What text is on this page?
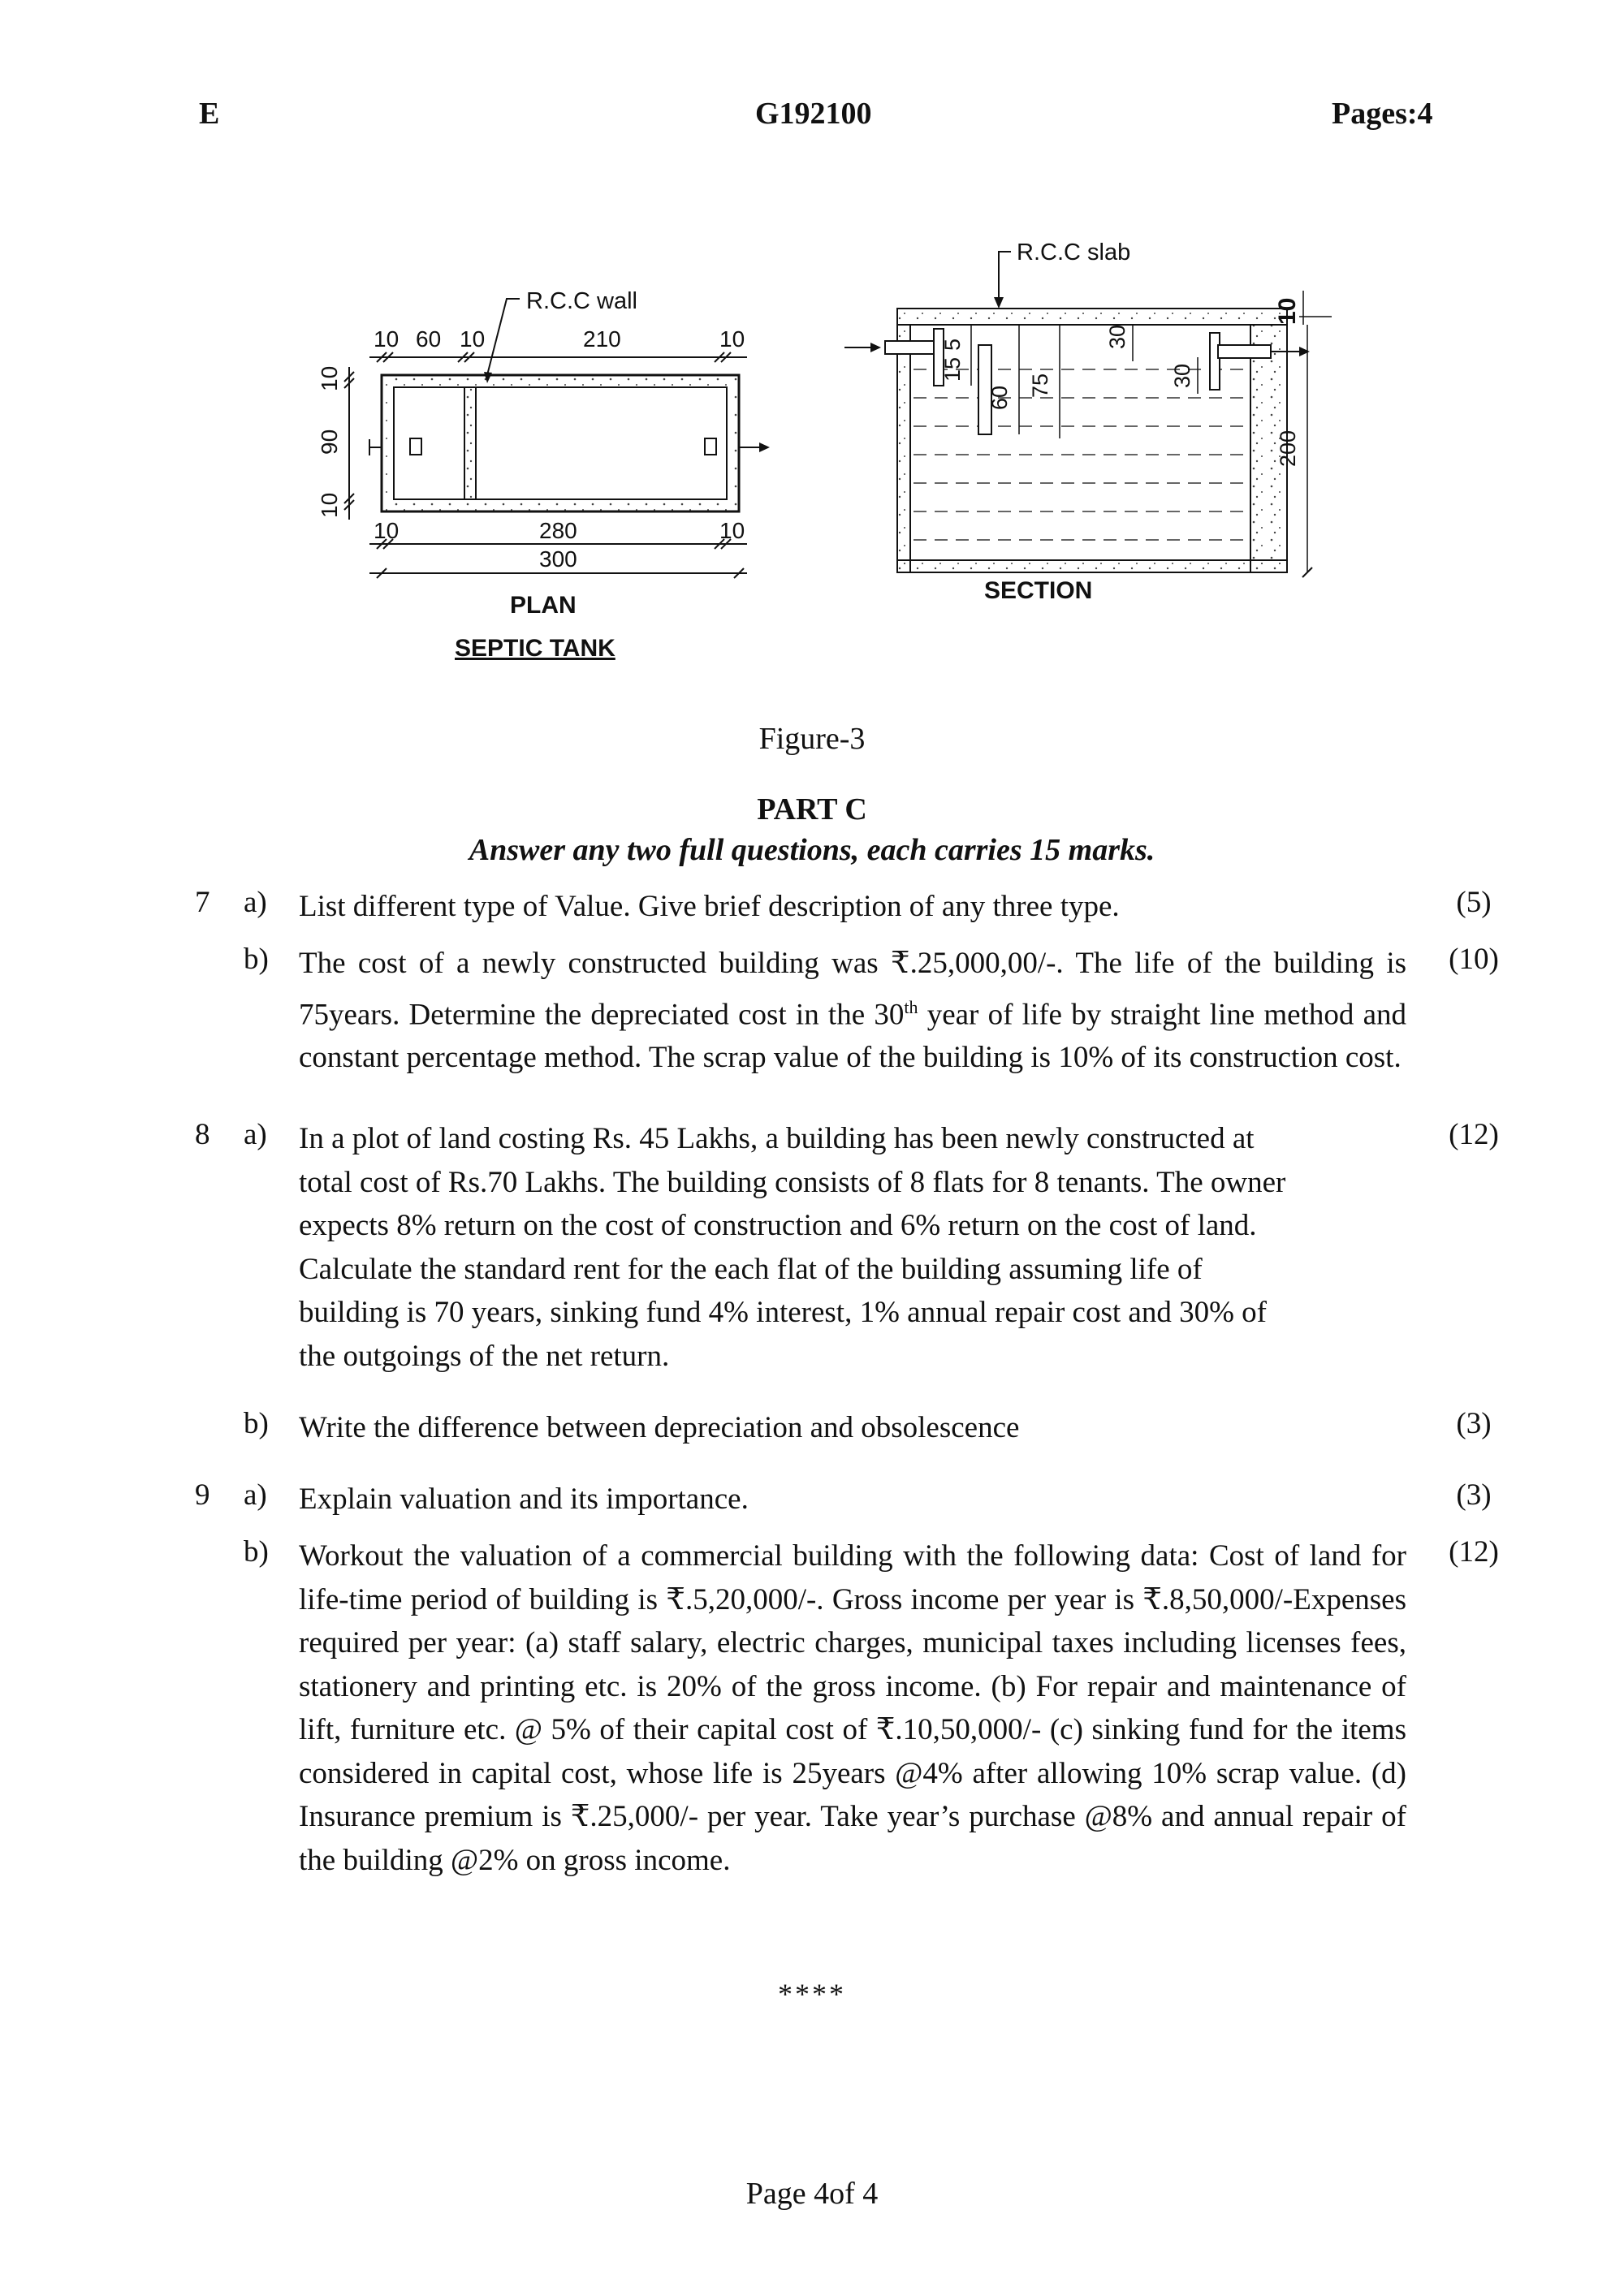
E	G192100	Pages:4
R.C.C wall
10 60 10	210	10
10
90
10
10	280	10
300
PLAN
SEPTIC TANK
R.C.C slab
15
5
60 75
30
30
10
200
SECTION
Figure-3
PART C
Answer any two full questions, each carries 15 marks.
7 a) List different type of Value. Give brief description of any three type.	(5)
b) The cost of a newly constructed building was ₹.25,000,00/-. The life of the building is 75years. Determine the depreciated cost in the 30th year of life by straight line method and constant percentage method. The scrap value of the building is 10% of its construction cost.
(10)
8 a) In a plot of land costing Rs. 45 Lakhs, a building has been newly constructed at
total cost of Rs.70 Lakhs. The building consists of 8 flats for 8 tenants. The owner
expects 8% return on the cost of construction and 6% return on the cost of land.
Calculate the standard rent for the each flat of the building assuming life of
building is 70 years, sinking fund 4% interest, 1% annual repair cost and 30% of
the outgoings of the net return.
(12)
b) Write the difference between depreciation and obsolescence	(3)
9 a) Explain valuation and its importance.	(3)
b) Workout the valuation of a commercial building with the following data: Cost of land for life-time period of building is ₹.5,20,000/-. Gross income per year is ₹.8,50,000/-Expenses required per year: (a) staff salary, electric charges, municipal taxes including licenses fees, stationery and printing etc. is 20% of the gross income. (b) For repair and maintenance of lift, furniture etc. @ 5% of their capital cost of ₹.10,50,000/- (c) sinking fund for the items considered in capital cost, whose life is 25years @4% after allowing 10% scrap value. (d) Insurance premium is ₹.25,000/- per year. Take year’s purchase @8% and annual repair of the building @2% on gross income.
(12)
****
Page 4of 4
